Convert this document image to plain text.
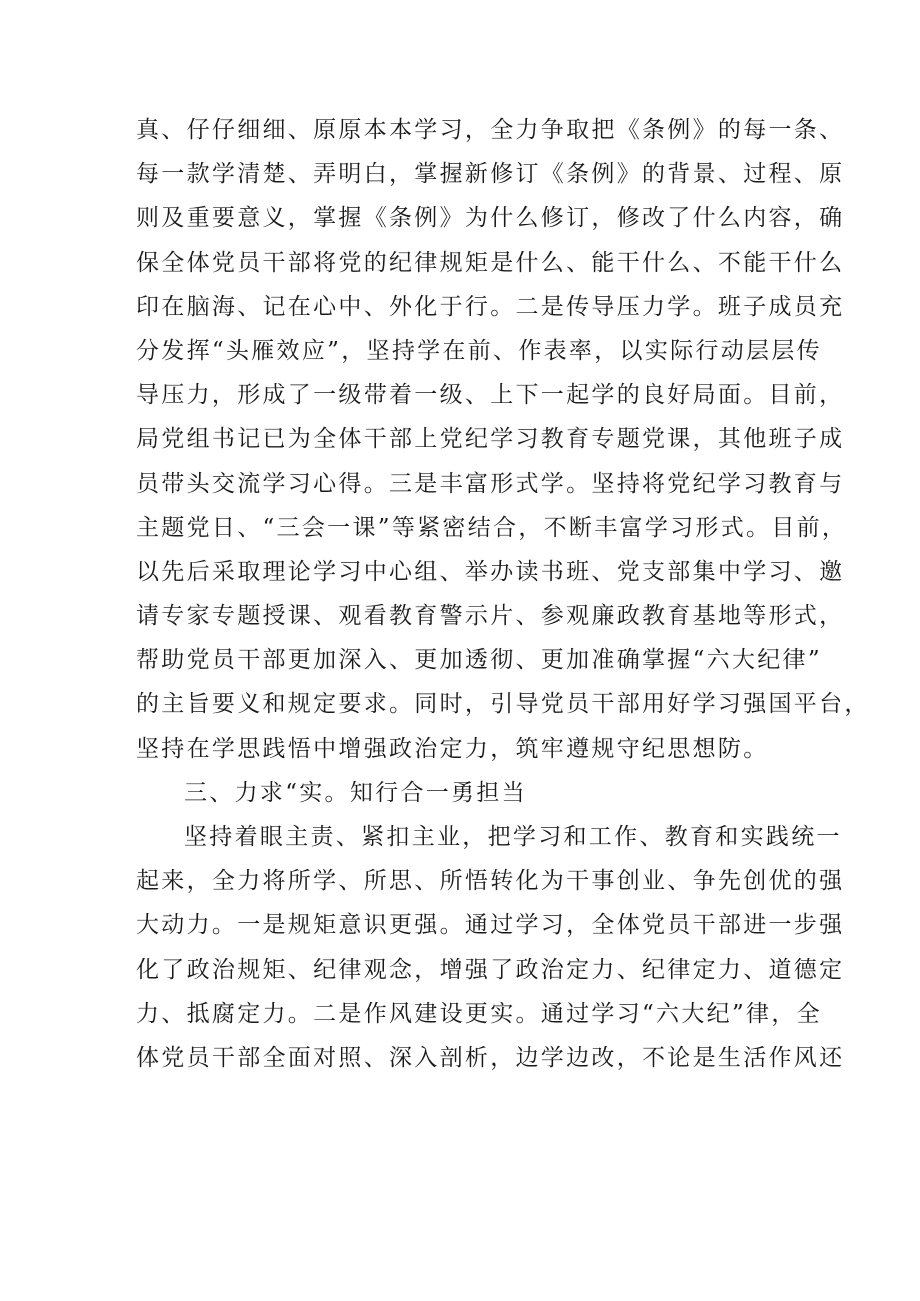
真、仔仔细细、原原本本学习，全力争取把《条例》的每一条、
每一款学清楚、弄明白，掌握新修订《条例》的背景、过程、原
则及重要意义，掌握《条例》为什么修订，修改了什么内容，确
保全体党员干部将党的纪律规矩是什么、能干什么、不能干什么
印在脑海、记在心中、外化于行。二是传导压力学。班子成员充
分发挥“头雁效应”，坚持学在前、作表率，以实际行动层层传
导压力，形成了一级带着一级、上下一起学的良好局面。目前，
局党组书记已为全体干部上党纪学习教育专题党课，其他班子成
员带头交流学习心得。三是丰富形式学。坚持将党纪学习教育与
主题党日、“三会一课”等紧密结合，不断丰富学习形式。目前，
以先后采取理论学习中心组、举办读书班、党支部集中学习、邀
请专家专题授课、观看教育警示片、参观廉政教育基地等形式，
帮助党员干部更加深入、更加透彻、更加准确掌握“六大纪律”
的主旨要义和规定要求。同时，引导党员干部用好学习强国平台，
坚持在学思践悟中增强政治定力，筑牢遵规守纪思想防。
三、力求“实。知行合一勇担当
坚持着眼主责、紧扣主业，把学习和工作、教育和实践统一
起来，全力将所学、所思、所悟转化为干事创业、争先创优的强
大动力。一是规矩意识更强。通过学习，全体党员干部进一步强
化了政治规矩、纪律观念，增强了政治定力、纪律定力、道德定
力、抵腐定力。二是作风建设更实。通过学习“六大纪”律，全
体党员干部全面对照、深入剖析，边学边改，不论是生活作风还
